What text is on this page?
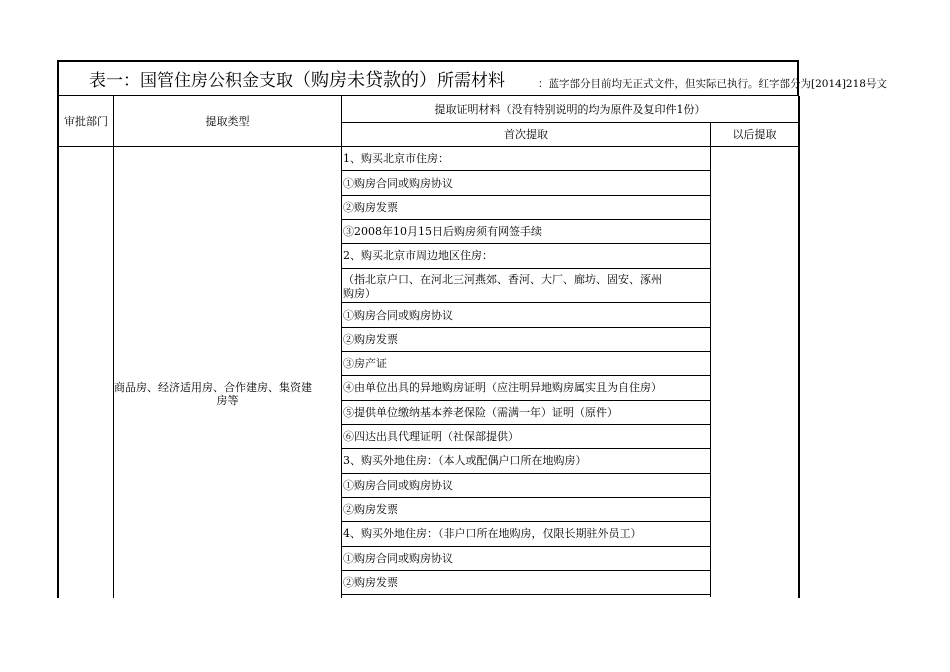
表一：国管住房公积金支取（购房未贷款的）所需材料	：蓝字部分目前均无正式文件，但实际已执行。红字部分为[2014]218号文
审批部门	提取类型
提取证明材料（没有特别说明的均为原件及复印件1份）
首次提取	以后提取
商品房、经济适用房、合作建房、集资建
房等
1、购买北京市住房：
①购房合同或购房协议
②购房发票
③2008年10月15日后购房须有网签手续
2、购买北京市周边地区住房：
（指北京户口、在河北三河燕郊、香河、大厂、廊坊、固安、涿州
购房）
①购房合同或购房协议
②购房发票
③房产证
④由单位出具的异地购房证明（应注明异地购房属实且为自住房）
⑤提供单位缴纳基本养老保险（需满一年）证明（原件）
⑥四达出具代理证明（社保部提供）
3、购买外地住房：（本人或配偶户口所在地购房）
①购房合同或购房协议
②购房发票
4、购买外地住房：（非户口所在地购房，仅限长期驻外员工）
①购房合同或购房协议
②购房发票
